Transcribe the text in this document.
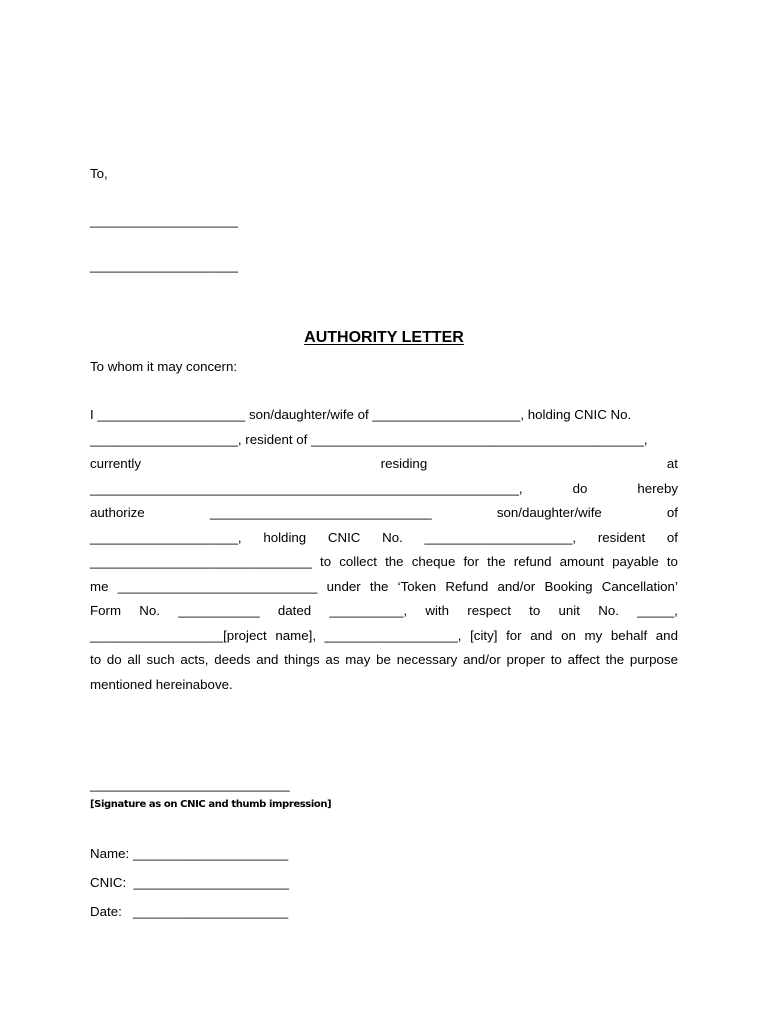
To,
____________________
____________________
AUTHORITY LETTER
To whom it may concern:
I ____________________ son/daughter/wife of ____________________, holding CNIC No.
____________________, resident of _____________________________________________,
currently	residing	at
__________________________________________________________,	do	hereby
authorize	______________________________	son/daughter/wife	of
____________________, holding CNIC No. ____________________, resident of
______________________________ to collect the cheque for the refund amount payable to
me ___________________________ under the ‘Token Refund and/or Booking Cancellation’
Form No. ___________ dated __________, with respect to unit No. _____,
__________________[project name], __________________, [city] for and on my behalf and
to do all such acts, deeds and things as may be necessary and/or proper to affect the purpose
mentioned hereinabove.
___________________________
[Signature as on CNIC and thumb impression]
Name: _____________________
CNIC:  _____________________
Date:   _____________________
